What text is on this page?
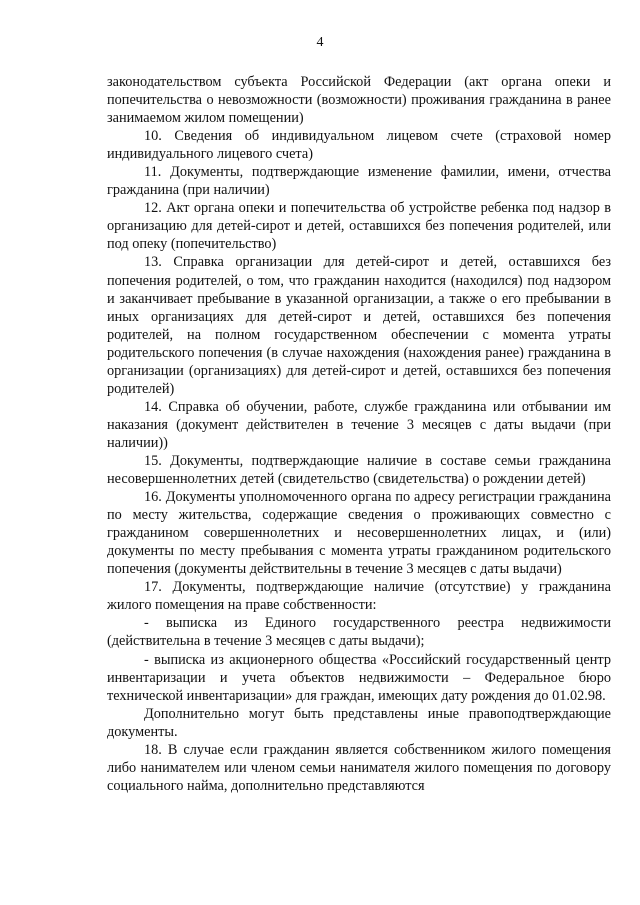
4

законодательством субъекта Российской Федерации (акт органа опеки и попечительства о невозможности (возможности) проживания гражданина в ранее занимаемом жилом помещении)

10. Сведения об индивидуальном лицевом счете (страховой номер индивидуального лицевого счета)

11. Документы, подтверждающие изменение фамилии, имени, отчества гражданина (при наличии)

12. Акт органа опеки и попечительства об устройстве ребенка под надзор в организацию для детей-сирот и детей, оставшихся без попечения родителей, или под опеку (попечительство)

13. Справка организации для детей-сирот и детей, оставшихся без попечения родителей, о том, что гражданин находится (находился) под надзором и заканчивает пребывание в указанной организации, а также о его пребывании в иных организациях для детей-сирот и детей, оставшихся без попечения родителей, на полном государственном обеспечении с момента утраты родительского попечения (в случае нахождения (нахождения ранее) гражданина в организации (организациях) для детей-сирот и детей, оставшихся без попечения родителей)

14. Справка об обучении, работе, службе гражданина или отбывании им наказания (документ действителен в течение 3 месяцев с даты выдачи (при наличии))

15. Документы, подтверждающие наличие в составе семьи гражданина несовершеннолетних детей (свидетельство (свидетельства) о рождении детей)

16. Документы уполномоченного органа по адресу регистрации гражданина по месту жительства, содержащие сведения о проживающих совместно с гражданином совершеннолетних и несовершеннолетних лицах, и (или) документы по месту пребывания с момента утраты гражданином родительского попечения (документы действительны в течение 3 месяцев с даты выдачи)

17. Документы, подтверждающие наличие (отсутствие) у гражданина жилого помещения на праве собственности:

- выписка из Единого государственного реестра недвижимости (действительна в течение 3 месяцев с даты выдачи);

- выписка из акционерного общества «Российский государственный центр инвентаризации и учета объектов недвижимости – Федеральное бюро технической инвентаризации» для граждан, имеющих дату рождения до 01.02.98.

Дополнительно могут быть представлены иные правоподтверждающие документы.

18. В случае если гражданин является собственником жилого помещения либо нанимателем или членом семьи нанимателя жилого помещения по договору социального найма, дополнительно представляются
